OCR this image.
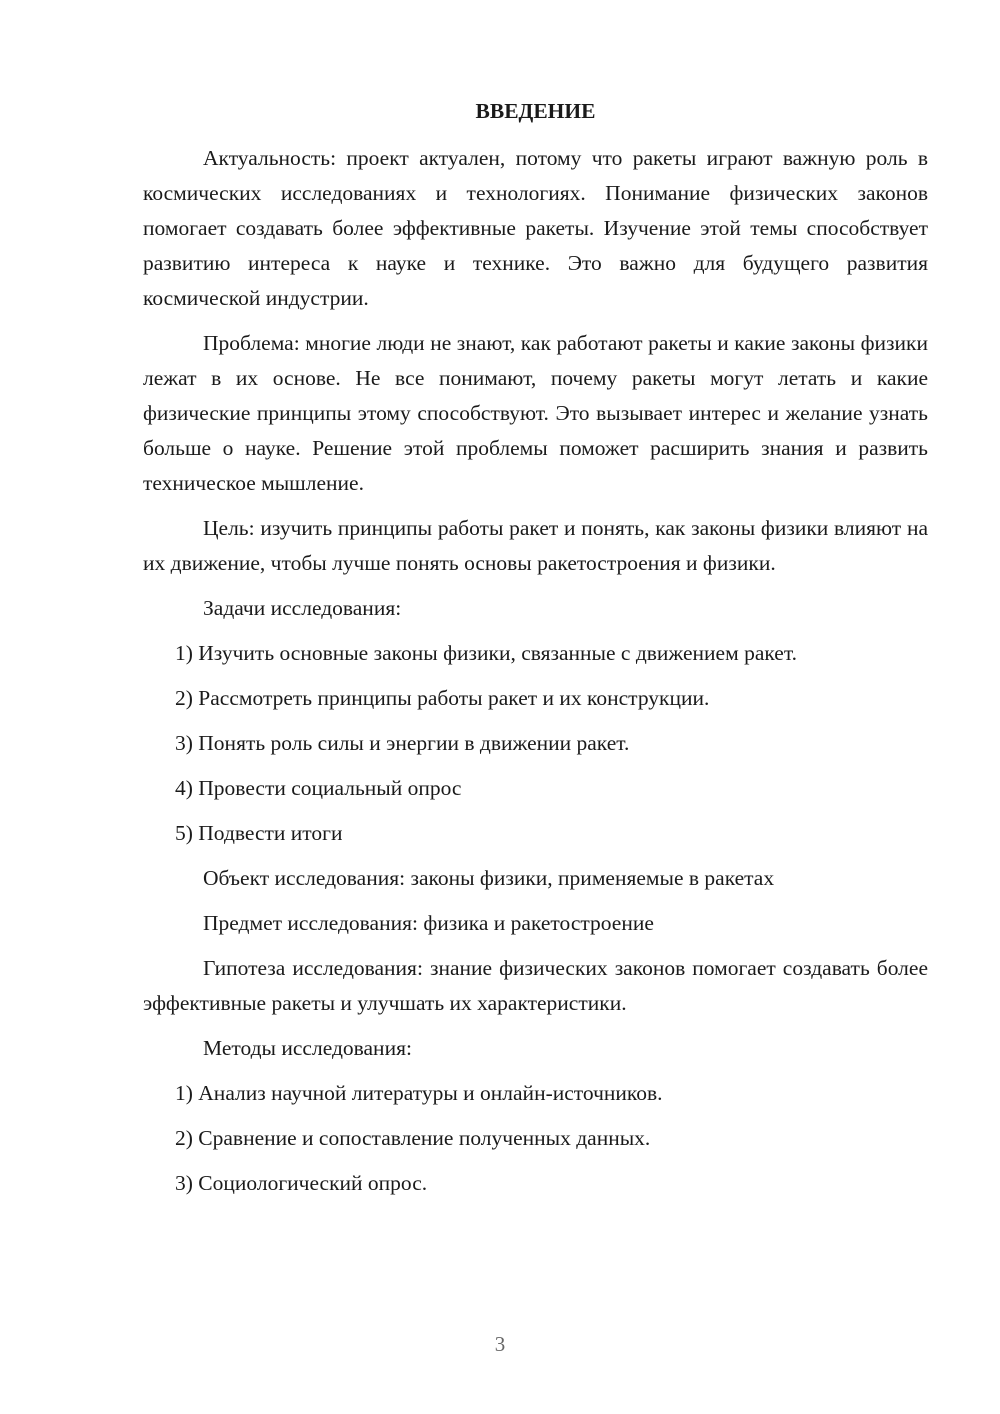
ВВЕДЕНИЕ

Актуальность: проект актуален, потому что ракеты играют важную роль в космических исследованиях и технологиях. Понимание физических законов помогает создавать более эффективные ракеты. Изучение этой темы способствует развитию интереса к науке и технике. Это важно для будущего развития космической индустрии.

Проблема: многие люди не знают, как работают ракеты и какие законы физики лежат в их основе. Не все понимают, почему ракеты могут летать и какие физические принципы этому способствуют. Это вызывает интерес и желание узнать больше о науке. Решение этой проблемы поможет расширить знания и развить техническое мышление.

Цель: изучить принципы работы ракет и понять, как законы физики влияют на их движение, чтобы лучше понять основы ракетостроения и физики.

Задачи исследования:

1) Изучить основные законы физики, связанные с движением ракет.

2) Рассмотреть принципы работы ракет и их конструкции.

3) Понять роль силы и энергии в движении ракет.

4) Провести социальный опрос

5) Подвести итоги

Объект исследования: законы физики, применяемые в ракетах

Предмет исследования: физика и ракетостроение

Гипотеза исследования: знание физических законов помогает создавать более эффективные ракеты и улучшать их характеристики.

Методы исследования:

1) Анализ научной литературы и онлайн-источников.

2) Сравнение и сопоставление полученных данных.

3) Социологический опрос.

3
